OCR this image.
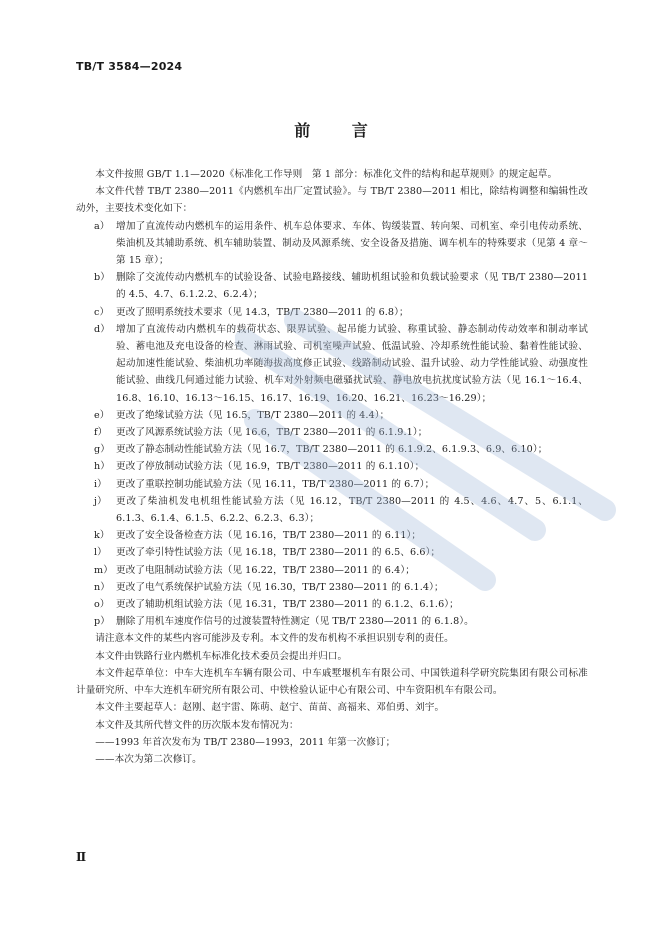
TB/T 3584—2024
前 言
本文件按照 GB/T 1.1—2020《标准化工作导则　第 1 部分：标准化文件的结构和起草规则》的规定起草。
本文件代替 TB/T 2380—2011《内燃机车出厂定置试验》。与 TB/T 2380—2011 相比，除结构调整和编辑性改动外，主要技术变化如下：
a） 增加了直流传动内燃机车的运用条件、机车总体要求、车体、钩缓装置、转向架、司机室、牵引电传动系统、柴油机及其辅助系统、机车辅助装置、制动及风源系统、安全设备及措施、调车机车的特殊要求（见第 4 章～第 15 章）；
b） 删除了交流传动内燃机车的试验设备、试验电路接线、辅助机组试验和负载试验要求（见 TB/T 2380—2011 的 4.5、4.7、6.1.2.2、6.2.4）；
c） 更改了照明系统技术要求（见 14.3，TB/T 2380—2011 的 6.8）；
d） 增加了直流传动内燃机车的载荷状态、限界试验、起吊能力试验、称重试验、静态制动传动效率和制动率试验、蓄电池及充电设备的检查、淋雨试验、司机室噪声试验、低温试验、冷却系统性能试验、黏着性能试验、起动加速性能试验、柴油机功率随海拔高度修正试验、线路制动试验、温升试验、动力学性能试验、动强度性能试验、曲线几何通过能力试验、机车对外射频电磁骚扰试验、静电放电抗扰度试验方法（见 16.1～16.4、16.8、16.10、16.13～16.15、16.17、16.19、16.20、16.21、16.23～16.29）；
e） 更改了绝缘试验方法（见 16.5，TB/T 2380—2011 的 4.4）；
f） 更改了风源系统试验方法（见 16.6，TB/T 2380—2011 的 6.1.9.1）；
g） 更改了静态制动性能试验方法（见 16.7，TB/T 2380—2011 的 6.1.9.2、6.1.9.3、6.9、6.10）；
h） 更改了停放制动试验方法（见 16.9，TB/T 2380—2011 的 6.1.10）；
i） 更改了重联控制功能试验方法（见 16.11，TB/T 2380—2011 的 6.7）；
j） 更改了柴油机发电机组性能试验方法（见 16.12，TB/T 2380—2011 的 4.5、4.6、4.7、5、6.1.1、6.1.3、6.1.4、6.1.5、6.2.2、6.2.3、6.3）；
k） 更改了安全设备检查方法（见 16.16，TB/T 2380—2011 的 6.11）；
l） 更改了牵引特性试验方法（见 16.18，TB/T 2380—2011 的 6.5、6.6）；
m） 更改了电阻制动试验方法（见 16.22，TB/T 2380—2011 的 6.4）；
n） 更改了电气系统保护试验方法（见 16.30，TB/T 2380—2011 的 6.1.4）；
o） 更改了辅助机组试验方法（见 16.31，TB/T 2380—2011 的 6.1.2、6.1.6）；
p） 删除了用机车速度作信号的过渡装置特性测定（见 TB/T 2380—2011 的 6.1.8）。
请注意本文件的某些内容可能涉及专利。本文件的发布机构不承担识别专利的责任。
本文件由铁路行业内燃机车标准化技术委员会提出并归口。
本文件起草单位：中车大连机车车辆有限公司、中车戚墅堰机车有限公司、中国铁道科学研究院集团有限公司标准计量研究所、中车大连机车研究所有限公司、中铁检验认证中心有限公司、中车资阳机车有限公司。
本文件主要起草人：赵刚、赵宇雷、陈萌、赵宁、苗苗、高福来、邓伯勇、刘宇。
本文件及其所代替文件的历次版本发布情况为：
——1993 年首次发布为 TB/T 2380—1993，2011 年第一次修订；
——本次为第二次修订。
Ⅱ
